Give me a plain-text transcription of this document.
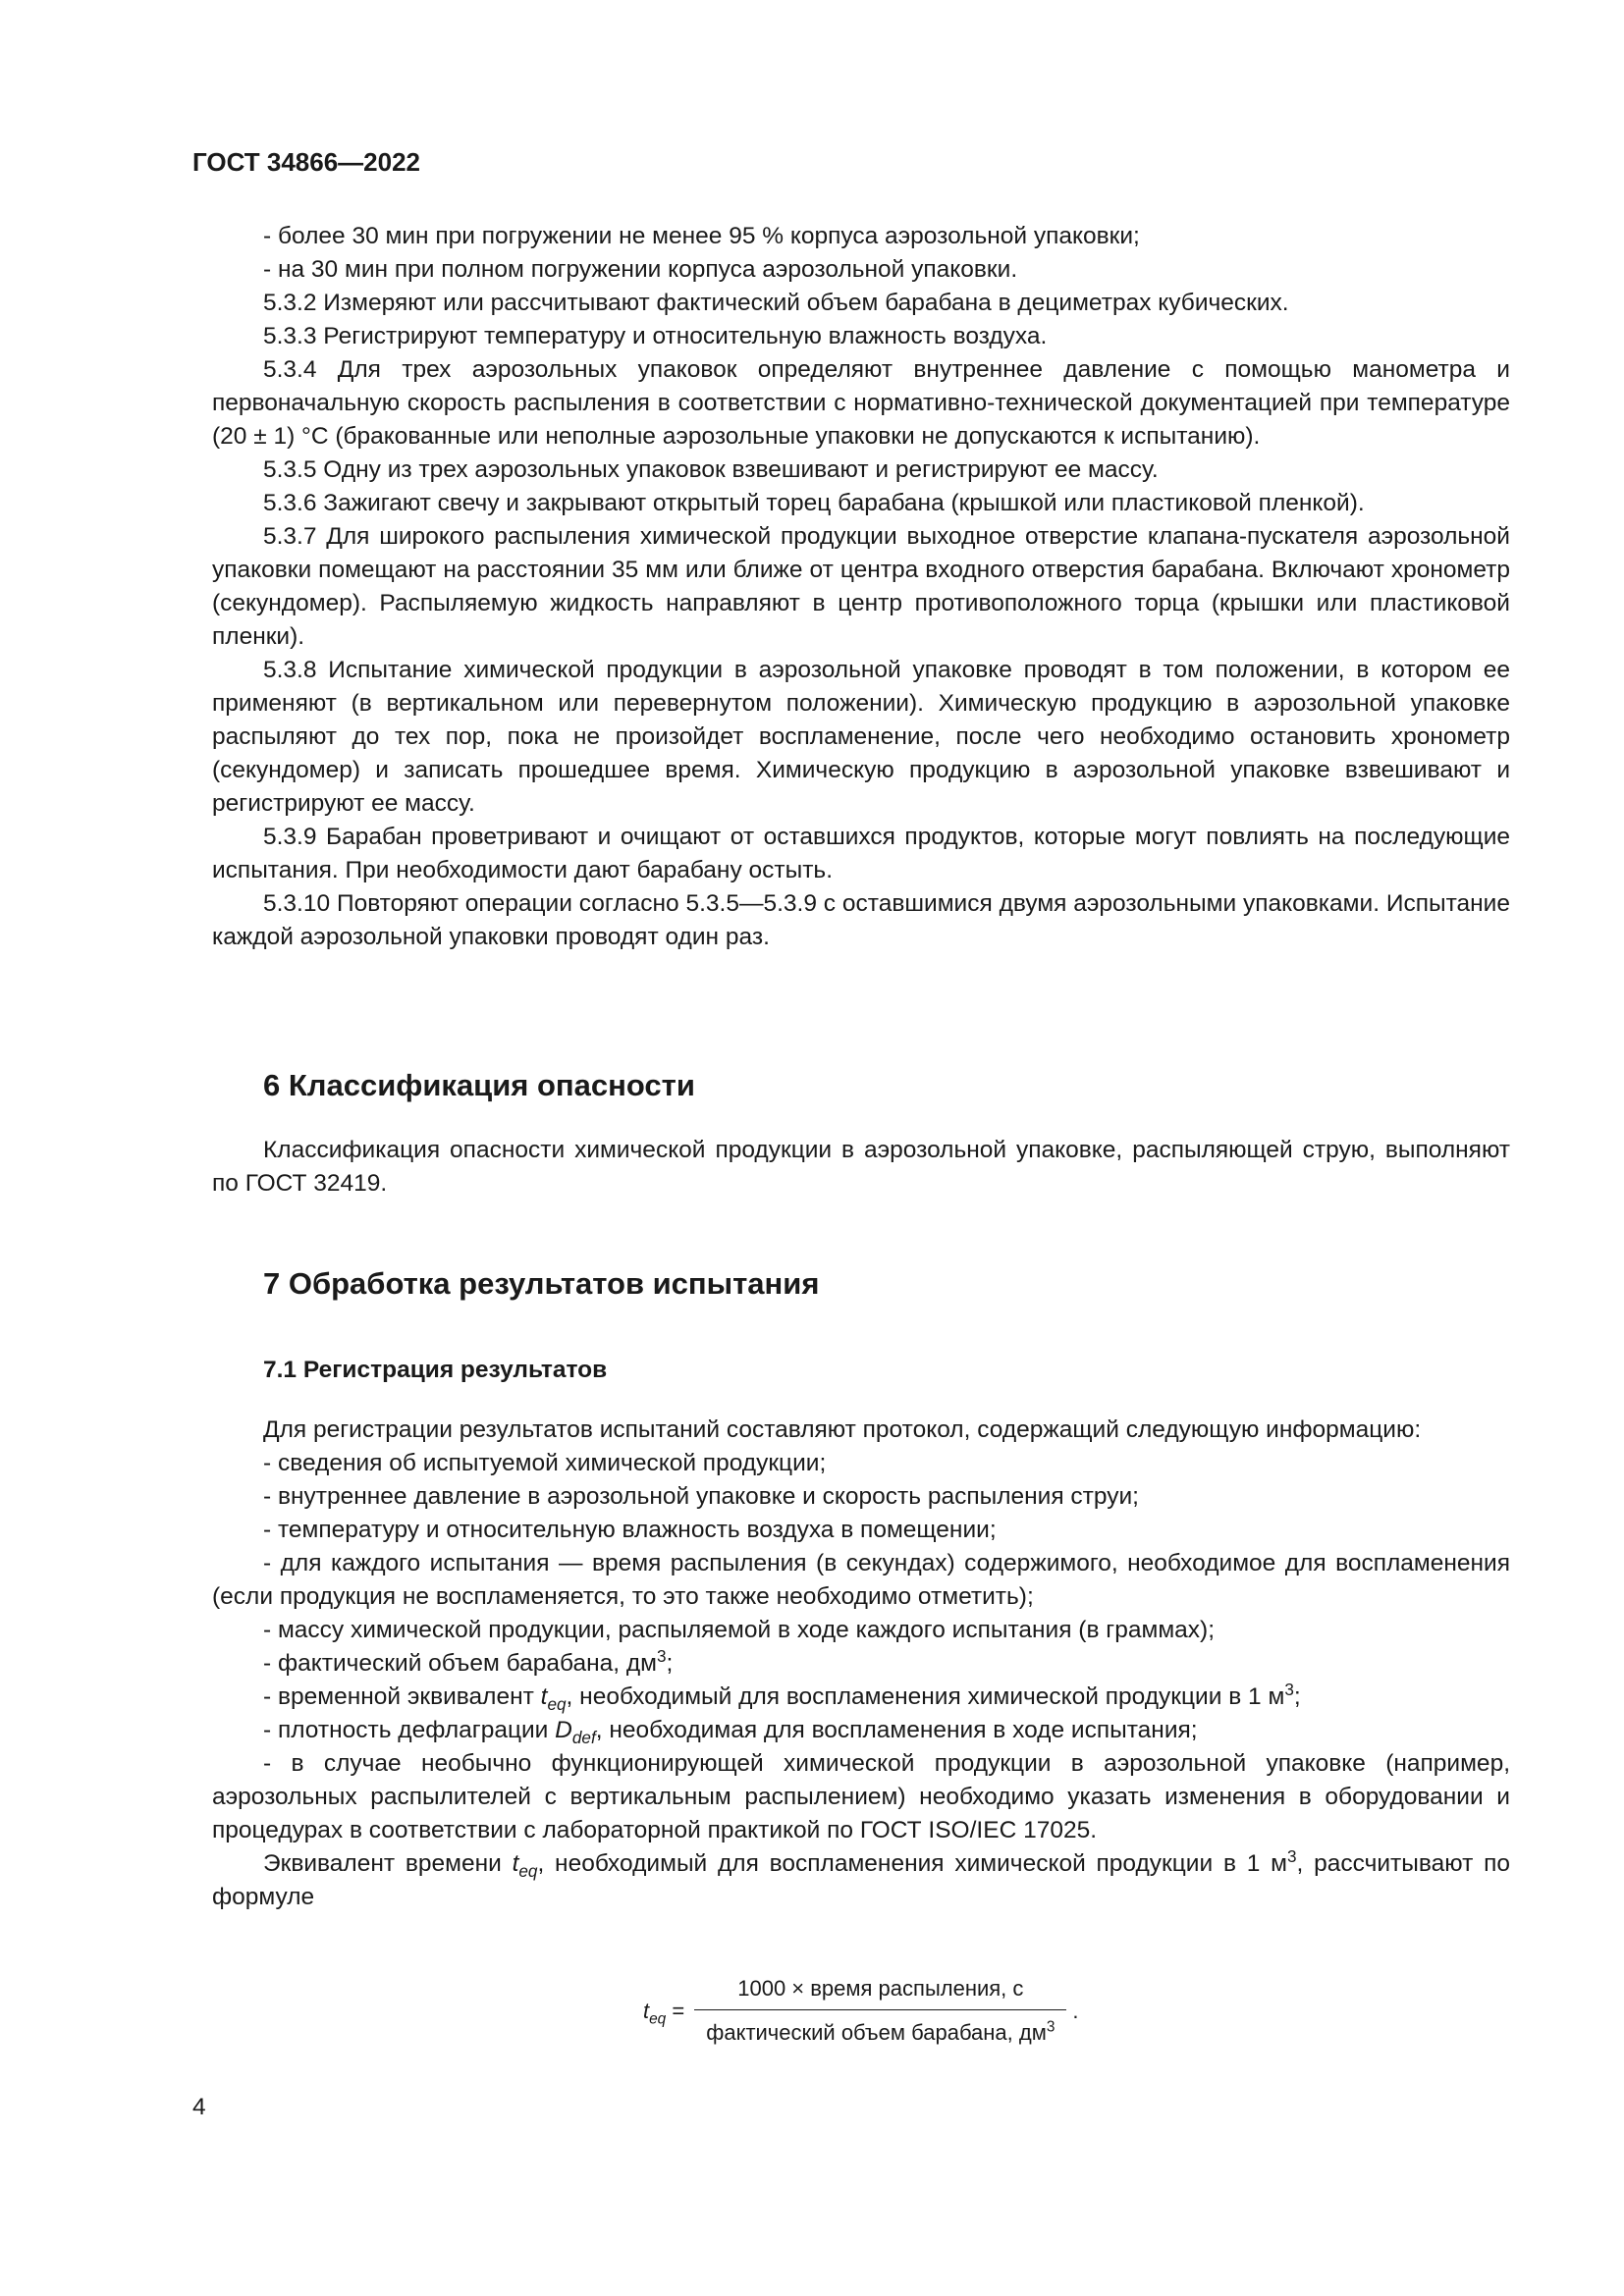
ГОСТ 34866—2022

- более 30 мин при погружении не менее 95 % корпуса аэрозольной упаковки;

- на 30 мин при полном погружении корпуса аэрозольной упаковки.

5.3.2 Измеряют или рассчитывают фактический объем барабана в дециметрах кубических.

5.3.3 Регистрируют температуру и относительную влажность воздуха.

5.3.4 Для трех аэрозольных упаковок определяют внутреннее давление с помощью манометра и первоначальную скорость распыления в соответствии с нормативно-технической документацией при температуре (20 ± 1) °С (бракованные или неполные аэрозольные упаковки не допускаются к испытанию).

5.3.5 Одну из трех аэрозольных упаковок взвешивают и регистрируют ее массу.

5.3.6 Зажигают свечу и закрывают открытый торец барабана (крышкой или пластиковой пленкой).

5.3.7 Для широкого распыления химической продукции выходное отверстие клапана-пускателя аэрозольной упаковки помещают на расстоянии 35 мм или ближе от центра входного отверстия барабана. Включают хронометр (секундомер). Распыляемую жидкость направляют в центр противоположного торца (крышки или пластиковой пленки).

5.3.8 Испытание химической продукции в аэрозольной упаковке проводят в том положении, в котором ее применяют (в вертикальном или перевернутом положении). Химическую продукцию в аэрозольной упаковке распыляют до тех пор, пока не произойдет воспламенение, после чего необходимо остановить хронометр (секундомер) и записать прошедшее время. Химическую продукцию в аэрозольной упаковке взвешивают и регистрируют ее массу.

5.3.9 Барабан проветривают и очищают от оставшихся продуктов, которые могут повлиять на последующие испытания. При необходимости дают барабану остыть.

5.3.10 Повторяют операции согласно 5.3.5—5.3.9 с оставшимися двумя аэрозольными упаковками. Испытание каждой аэрозольной упаковки проводят один раз.

6 Классификация опасности

Классификация опасности химической продукции в аэрозольной упаковке, распыляющей струю, выполняют по ГОСТ 32419.

7 Обработка результатов испытания
7.1 Регистрация результатов

Для регистрации результатов испытаний составляют протокол, содержащий следующую информацию:

- сведения об испытуемой химической продукции;

- внутреннее давление в аэрозольной упаковке и скорость распыления струи;

- температуру и относительную влажность воздуха в помещении;

- для каждого испытания — время распыления (в секундах) содержимого, необходимое для воспламенения (если продукция не воспламеняется, то это также необходимо отметить);

- массу химической продукции, распыляемой в ходе каждого испытания (в граммах);

- фактический объем барабана, $дм^3$;

- временной эквивалент $t_{eq}$, необходимый для воспламенения химической продукции в 1 $м^3$;

- плотность дефлаграции $D_{def}$, необходимая для воспламенения в ходе испытания;

- в случае необычно функционирующей химической продукции в аэрозольной упаковке (например, аэрозольных распылителей с вертикальным распылением) необходимо указать изменения в оборудовании и процедурах в соответствии с лабораторной практикой по ГОСТ ISO/IEC 17025.

Эквивалент времени $t_{eq}$, необходимый для воспламенения химической продукции в 1 $м^3$, рассчитывают по формуле

$t_{eq} = \frac{\text{1000 × время распыления, с}}{фактический объем барабана, дм^3}$ .
4
